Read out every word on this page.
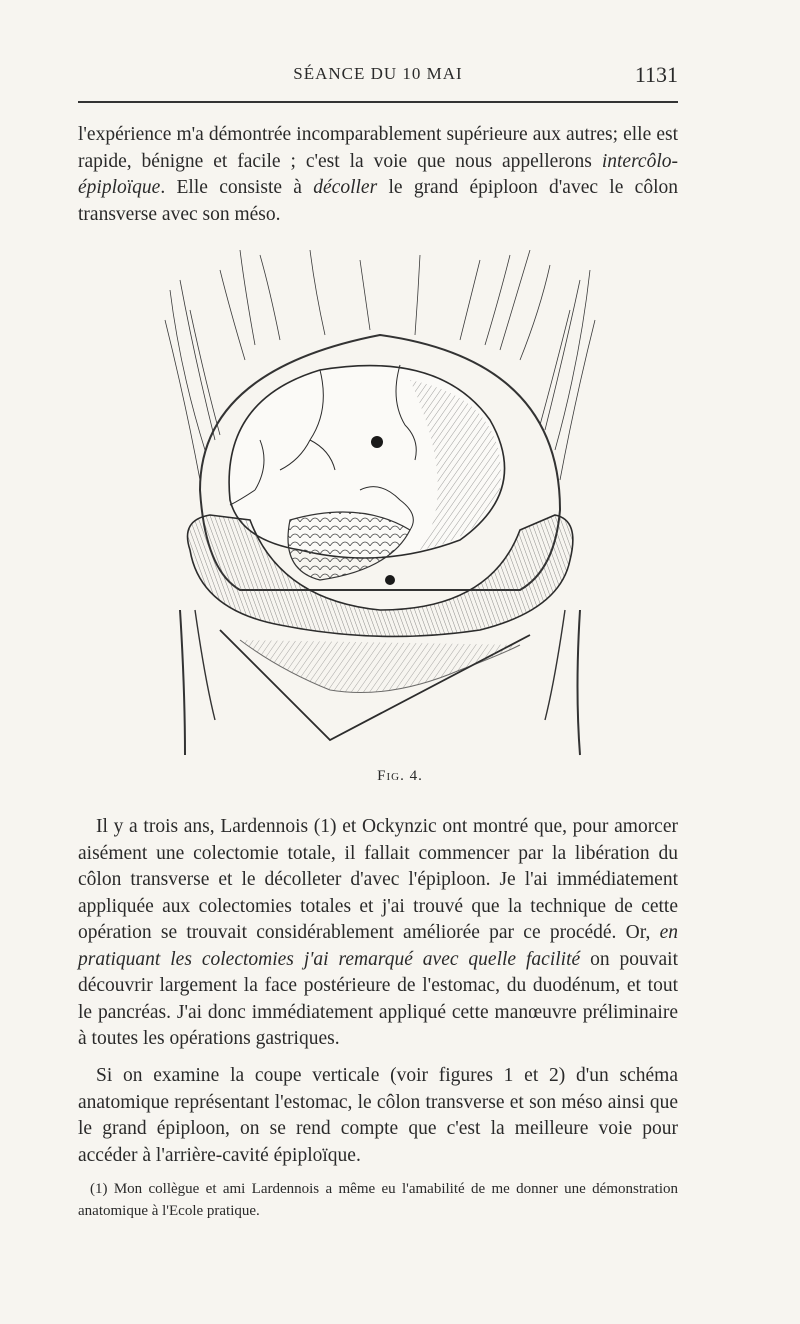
SÉANCE DU 10 MAI	1131

l'expérience m'a démontrée incomparablement supérieure aux autres; elle est rapide, bénigne et facile ; c'est la voie que nous appellerons intercôlo-épiploïque. Elle consiste à décoller le grand épiploon d'avec le côlon transverse avec son méso.

Fig. 4.

Il y a trois ans, Lardennois (1) et Ockynzic ont montré que, pour amorcer aisément une colectomie totale, il fallait commencer par la libération du côlon transverse et le décolleter d'avec l'épiploon. Je l'ai immédiatement appliquée aux colectomies totales et j'ai trouvé que la technique de cette opération se trouvait considérablement améliorée par ce procédé. Or, en pratiquant les colectomies j'ai remarqué avec quelle facilité on pouvait découvrir largement la face postérieure de l'estomac, du duodénum, et tout le pancréas. J'ai donc immédiatement appliqué cette manœuvre préliminaire à toutes les opérations gastriques.

Si on examine la coupe verticale (voir figures 1 et 2) d'un schéma anatomique représentant l'estomac, le côlon transverse et son méso ainsi que le grand épiploon, on se rend compte que c'est la meilleure voie pour accéder à l'arrière-cavité épiploïque.

(1) Mon collègue et ami Lardennois a même eu l'amabilité de me donner une démonstration anatomique à l'Ecole pratique.
